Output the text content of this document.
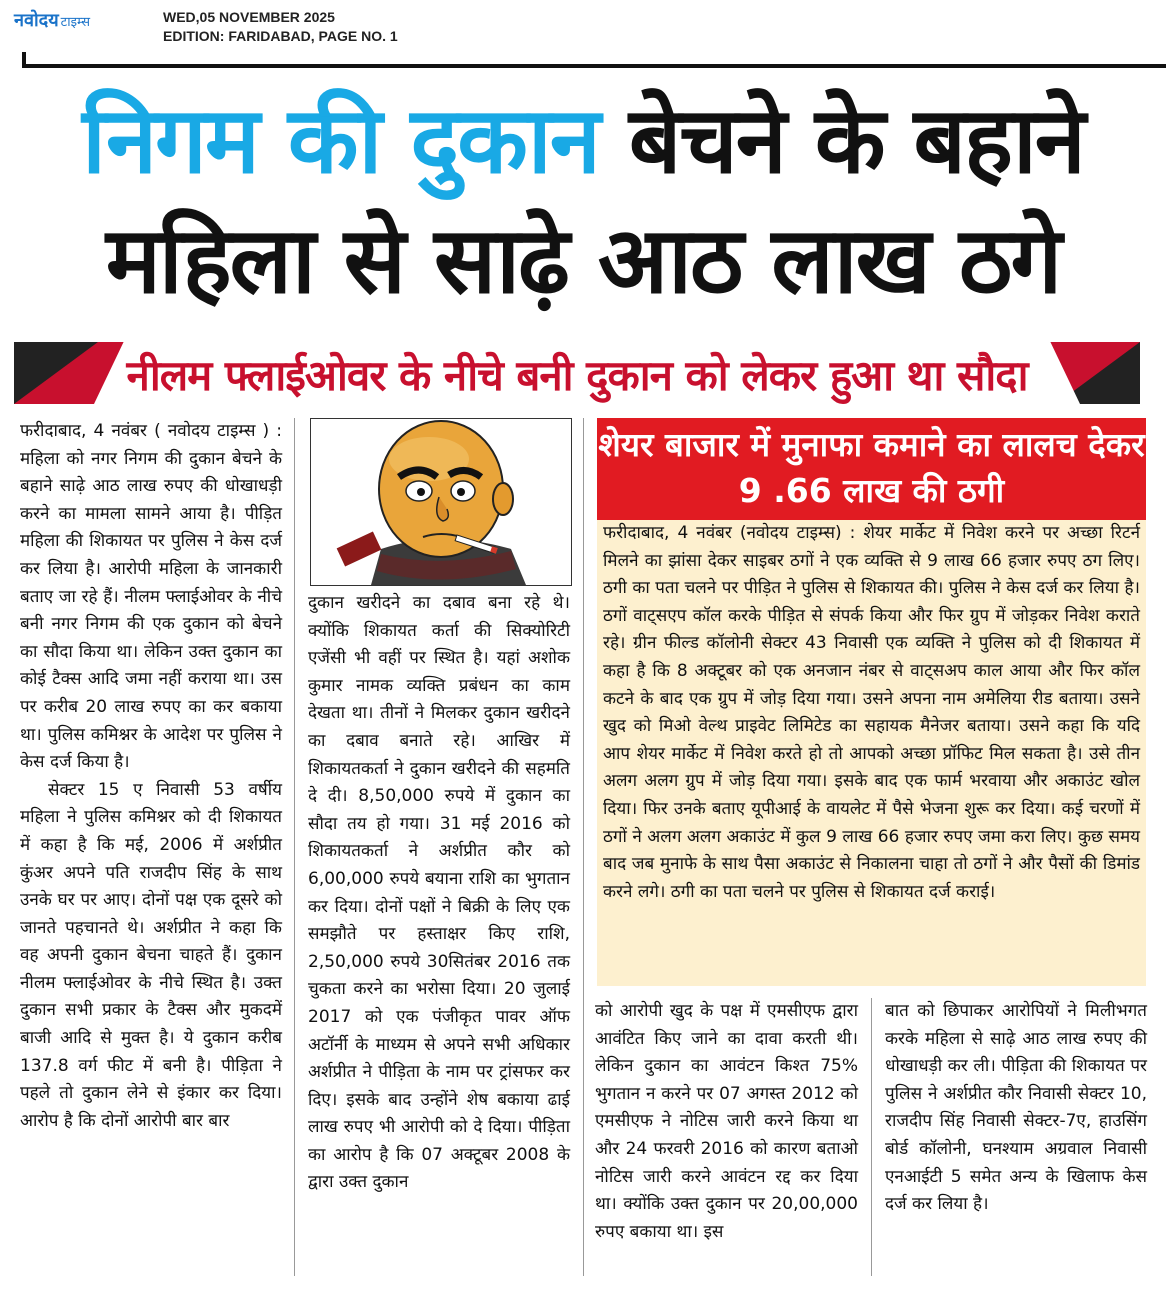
नवोदय टाइम्स	WED,05 NOVEMBER 2025
EDITION: FARIDABAD, PAGE NO. 1
निगम की दुकान बेचने के बहाने
महिला से साढ़े आठ लाख ठगे
नीलम फ्लाईओवर के नीचे बनी दुकान को लेकर हुआ था सौदा

फरीदाबाद, 4 नवंबर ( नवोदय टाइम्स ) : महिला को नगर निगम की दुकान बेचने के बहाने साढ़े आठ लाख रुपए की धोखाधड़ी करने का मामला सामने आया है। पीड़ित महिला की शिकायत पर पुलिस ने केस दर्ज कर लिया है। आरोपी महिला के जानकारी बताए जा रहे हैं। नीलम फ्लाईओवर के नीचे बनी नगर निगम की एक दुकान को बेचने का सौदा किया था। लेकिन उक्त दुकान का कोई टैक्स आदि जमा नहीं कराया था। उस पर करीब 20 लाख रुपए का कर बकाया था। पुलिस कमिश्नर के आदेश पर पुलिस ने केस दर्ज किया है।

सेक्टर 15 ए निवासी 53 वर्षीय महिला ने पुलिस कमिश्नर को दी शिकायत में कहा है कि मई, 2006 में अर्शप्रीत कुंअर अपने पति राजदीप सिंह के साथ उनके घर पर आए। दोनों पक्ष एक दूसरे को जानते पहचानते थे। अर्शप्रीत ने कहा कि वह अपनी दुकान बेचना चाहते हैं। दुकान नीलम फ्लाईओवर के नीचे स्थित है। उक्त दुकान सभी प्रकार के टैक्स और मुकदमें बाजी आदि से मुक्त है। ये दुकान करीब 137.8 वर्ग फीट में बनी है। पीड़िता ने पहले तो दुकान लेने से इंकार कर दिया। आरोप है कि दोनों आरोपी बार बार

दुकान खरीदने का दबाव बना रहे थे। क्योंकि शिकायत कर्ता की सिक्योरिटी एजेंसी भी वहीं पर स्थित है। यहां अशोक कुमार नामक व्यक्ति प्रबंधन का काम देखता था। तीनों ने मिलकर दुकान खरीदने का दबाव बनाते रहे। आखिर में शिकायतकर्ता ने दुकान खरीदने की सहमति दे दी। 8,50,000 रुपये में दुकान का सौदा तय हो गया। 31 मई 2016 को शिकायतकर्ता ने अर्शप्रीत कौर को 6,00,000 रुपये बयाना राशि का भुगतान कर दिया। दोनों पक्षों ने बिक्री के लिए एक समझौते पर हस्ताक्षर किए राशि, 2,50,000 रुपये 30सितंबर 2016 तक चुकता करने का भरोसा दिया। 20 जुलाई 2017 को एक पंजीकृत पावर ऑफ अटॉर्नी के माध्यम से अपने सभी अधिकार अर्शप्रीत ने पीड़िता के नाम पर ट्रांसफर कर दिए। इसके बाद उन्होंने शेष बकाया ढाई लाख रुपए भी आरोपी को दे दिया। पीड़िता का आरोप है कि 07 अक्टूबर 2008 के द्वारा उक्त दुकान

शेयर बाजार में मुनाफा कमाने का लालच देकर 9 .66 लाख की ठगी

फरीदाबाद, 4 नवंबर (नवोदय टाइम्स) : शेयर मार्केट में निवेश करने पर अच्छा रिटर्न मिलने का झांसा देकर साइबर ठगों ने एक व्यक्ति से 9 लाख 66 हजार रुपए ठग लिए। ठगी का पता चलने पर पीड़ित ने पुलिस से शिकायत की। पुलिस ने केस दर्ज कर लिया है। ठगों वाट्सएप कॉल करके पीड़ित से संपर्क किया और फिर ग्रुप में जोड़कर निवेश कराते रहे। ग्रीन फील्ड कॉलोनी सेक्टर 43 निवासी एक व्यक्ति ने पुलिस को दी शिकायत में कहा है कि 8 अक्टूबर को एक अनजान नंबर से वाट्सअप काल आया और फिर कॉल कटने के बाद एक ग्रुप में जोड़ दिया गया। उसने अपना नाम अमेलिया रीड बताया। उसने खुद को मिओ वेल्थ प्राइवेट लिमिटेड का सहायक मैनेजर बताया। उसने कहा कि यदि आप शेयर मार्केट में निवेश करते हो तो आपको अच्छा प्रॉफिट मिल सकता है। उसे तीन अलग अलग ग्रुप में जोड़ दिया गया। इसके बाद एक फार्म भरवाया और अकाउंट खोल दिया। फिर उनके बताए यूपीआई के वायलेट में पैसे भेजना शुरू कर दिया। कई चरणों में ठगों ने अलग अलग अकाउंट में कुल 9 लाख 66 हजार रुपए जमा करा लिए। कुछ समय बाद जब मुनाफे के साथ पैसा अकाउंट से निकालना चाहा तो ठगों ने और पैसों की डिमांड करने लगे। ठगी का पता चलने पर पुलिस से शिकायत दर्ज कराई।

को आरोपी खुद के पक्ष में एमसीएफ द्वारा आवंटित किए जाने का दावा करती थी। लेकिन दुकान का आवंटन किश्त 75% भुगतान न करने पर 07 अगस्त 2012 को एमसीएफ ने नोटिस जारी करने किया था और 24 फरवरी 2016 को कारण बताओ नोटिस जारी करने आवंटन रद्द कर दिया था। क्योंकि उक्त दुकान पर 20,00,000 रुपए बकाया था। इस

बात को छिपाकर आरोपियों ने मिलीभगत करके महिला से साढ़े आठ लाख रुपए की धोखाधड़ी कर ली। पीड़िता की शिकायत पर पुलिस ने अर्शप्रीत कौर निवासी सेक्टर 10, राजदीप सिंह निवासी सेक्टर-7ए, हाउसिंग बोर्ड कॉलोनी, घनश्याम अग्रवाल निवासी एनआईटी 5 समेत अन्य के खिलाफ केस दर्ज कर लिया है।
